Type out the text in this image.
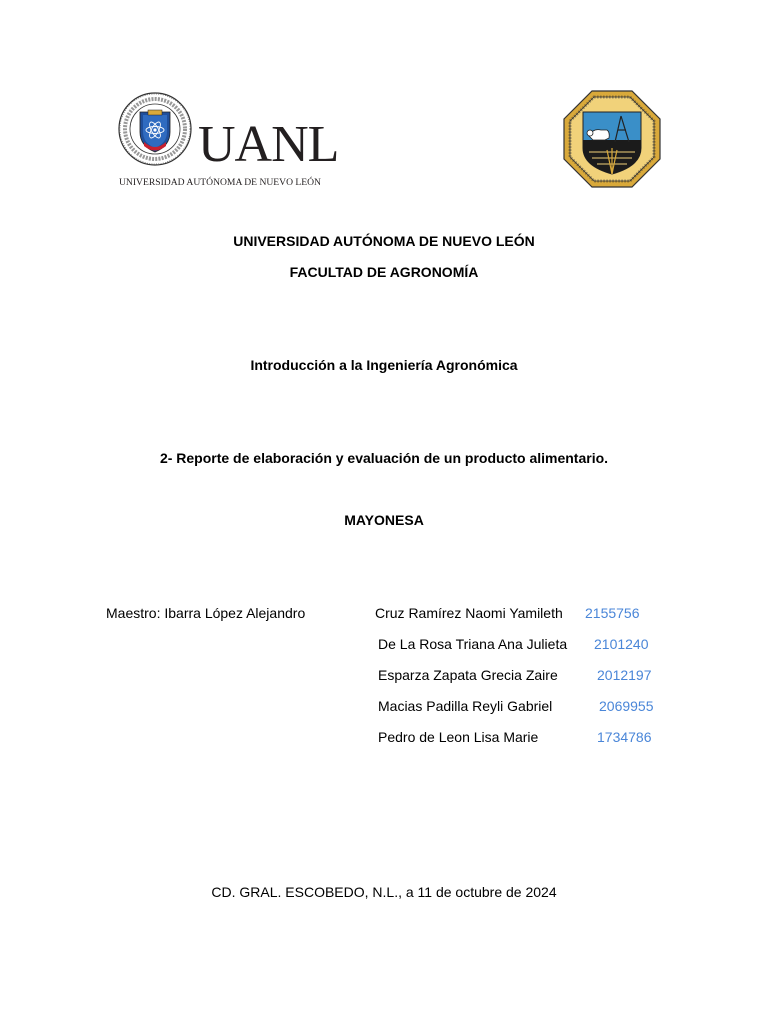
UANL
UNIVERSIDAD AUTÓNOMA DE NUEVO LEÓN
UNIVERSIDAD AUTÓNOMA DE NUEVO LEÓN
FACULTAD DE AGRONOMÍA
Introducción a la Ingeniería Agronómica
2- Reporte de elaboración y evaluación de un producto alimentario.
MAYONESA
Maestro: Ibarra López Alejandro	Cruz Ramírez Naomi Yamileth 2155756
De La Rosa Triana Ana Julieta 2101240
Esparza Zapata Grecia Zaire	2012197
Macias Padilla Reyli Gabriel	2069955
Pedro de Leon Lisa Marie	1734786
CD. GRAL. ESCOBEDO, N.L., a 11 de octubre de 2024
